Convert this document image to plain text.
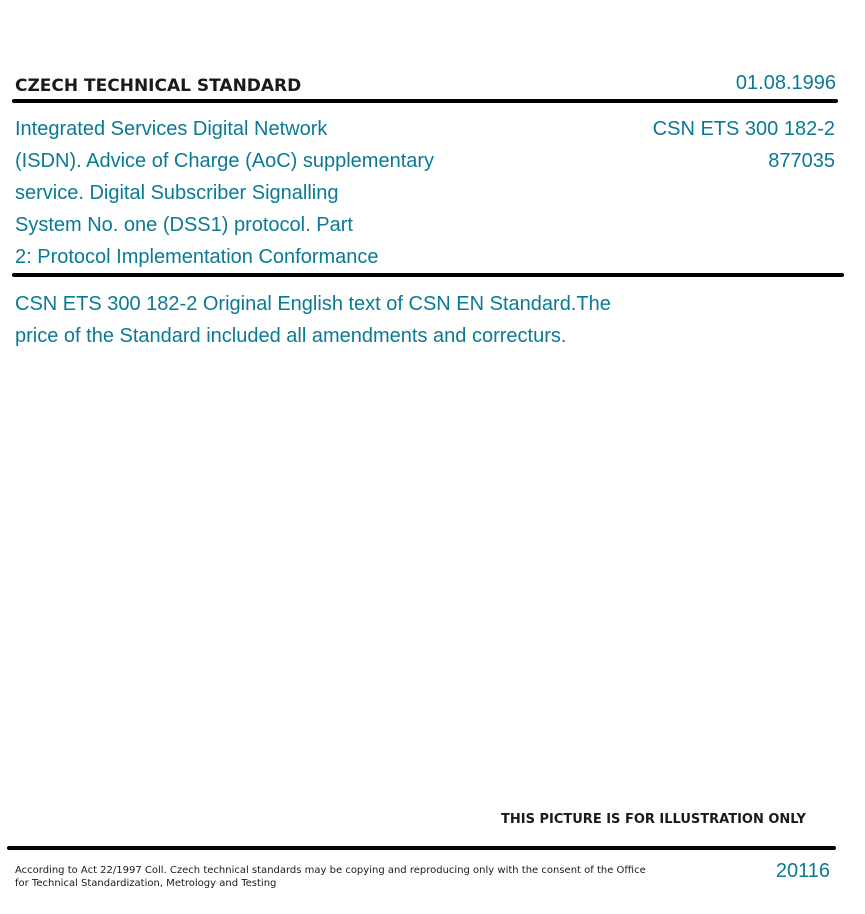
CZECH TECHNICAL STANDARD	01.08.1996
Integrated Services Digital Network
(ISDN). Advice of Charge (AoC) supplementary
service. Digital Subscriber Signalling
System No. one (DSS1) protocol. Part
2: Protocol Implementation Conformance
CSN ETS 300 182-2
877035
CSN ETS 300 182-2 Original English text of CSN EN Standard.The
price of the Standard included all amendments and correcturs.
THIS PICTURE IS FOR ILLUSTRATION ONLY
According to Act 22/1997 Coll. Czech technical standards may be copying and reproducing only with the consent of the Office
for Technical Standardization, Metrology and Testing
20116
